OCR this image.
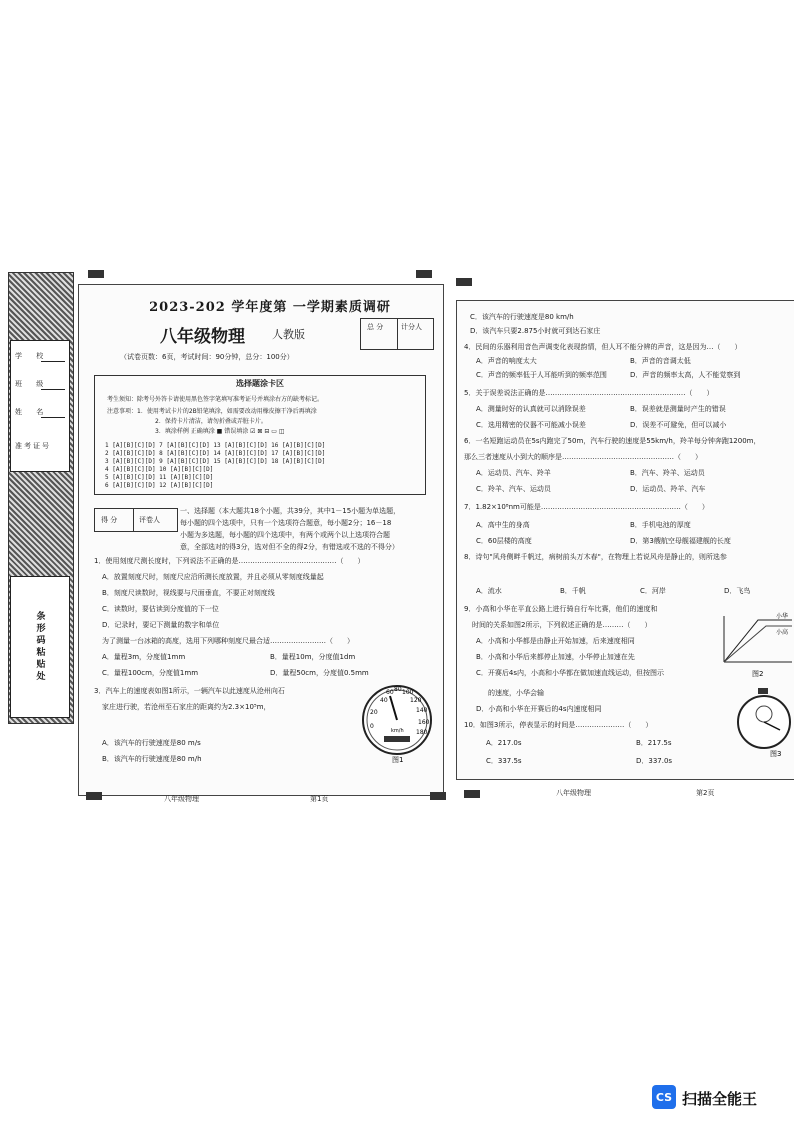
学 校
班 级
姓 名
准考证号
条形码粘贴处
2023-202 学年度第 一学期素质调研
八年级物理 人教版
总 分	计分人
（试卷页数：6页，考试时间：90分钟，总分：100分）
选择题涂卡区
考生须知：除考号外答卡请使用黑色签字笔填写准考证号并填涂右方的缺考标记。
注意事项：1．使用考试卡片的2B铅笔填涂，如需要改动用橡皮擦干净后再填涂
2．保持卡片清洁，请勿折叠或弄脏卡片。
3．填涂样例 正确填涂 ■ 错误填涂 ☑ ⊠ ⊟ ▭ ◫
1 [A][B][C][D] 7 [A][B][C][D] 13 [A][B][C][D] 16 [A][B][C][D]
2 [A][B][C][D] 8 [A][B][C][D] 14 [A][B][C][D] 17 [A][B][C][D]
3 [A][B][C][D] 9 [A][B][C][D] 15 [A][B][C][D] 18 [A][B][C][D]
4 [A][B][C][D] 10 [A][B][C][D]
5 [A][B][C][D] 11 [A][B][C][D]
6 [A][B][C][D] 12 [A][B][C][D]
得 分	评卷人
一、选择题（本大题共18个小题，共39分，其中1－15小题为单选题，
每小题的四个选项中，只有一个选项符合题意，每小题2分；16－18
小题为多选题，每小题的四个选项中，有两个或两个以上选项符合题
意，全部选对的得3分，选对但不全的得2分，有错选或不选的不得分）
1．使用刻度尺测长度时，下列说法不正确的是……………………………………（　　）
A．放置刻度尺时，刻度尺应沿所测长度放置，并且必须从零刻度线量起
B．刻度尺读数时，视线要与尺面垂直，不要正对刻度线
C．读数时，要估读到分度值的下一位
D．记录时，要记下测量的数字和单位
为了测量一台冰箱的高度，选用下列哪种刻度尺最合适……………………（　　）
A．量程3m，分度值1mm	B．量程10m，分度值1dm
C．量程100cm，分度值1mm	D．量程50cm，分度值0.5mm
3．汽车上的速度表如图1所示，一辆汽车以此速度从沧州向石
家庄进行驶，若沧州至石家庄的距离约为2.3×10⁵m，
A．该汽车的行驶速度是80 m/s
B．该汽车的行驶速度是80 m/h
40
60 80 100
120
140
160
180
20
0
km/h
图1
八年级物理	第1页
C．该汽车的行驶速度是80 km/h
D．该汽车只要2.875小时就可到达石家庄
4．民间的乐器利用音色声调变化表现韵情，但人耳不能分辨的声音，这是因为…（　　）
A．声音的响度太大	B．声音的音调太低
C．声音的频率低于人耳能听到的频率范围	D．声音的频率太高，人不能觉察到
5．关于误差说法正确的是……………………………………………………（　　）
A．测量时好的认真就可以消除误差	B．误差就是测量时产生的错误
C．选用精密的仪器不可能减小误差	D．误差不可避免，但可以减小
6．一名短跑运动员在5s内跑完了50m，汽车行驶的速度是55km/h，羚羊每分钟奔跑1200m，
那么三者速度从小到大的顺序是…………………………………………（　　）
A．运动员、汽车、羚羊	B．汽车、羚羊、运动员
C．羚羊、汽车、运动员	D．运动员、羚羊、汽车
7．1.82×10⁸nm可能是……………………………………………………（　　）
A．高中生的身高	B．手机电池的厚度
C．60层楼的高度	D．第3艘航空母舰福建舰的长度
8．诗句"风舟侧畔千帆过，病树前头万木春"，在物理上若说风舟是静止的，则所选参
A．流水	B．千帆	C．河岸	D．飞鸟
9．小高和小华在平直公路上进行骑自行车比赛，他们的速度和
时间的关系如图2所示，下列叙述正确的是………（　　）
A．小高和小华都是由静止开始加速，后来速度相同
B．小高和小华后来都停止加速，小华停止加速在先
C．开赛后4s内，小高和小华都在做加速直线运动，但按图示
的速度，小华会输
D．小高和小华在开赛后的4s内速度相同
10．如图3所示，停表显示的时间是…………………（　　）
A．217.0s	B．217.5s
C．337.5s	D．337.0s
小华
小高
图2
图3
八年级物理	第2页
CS 扫描全能王
